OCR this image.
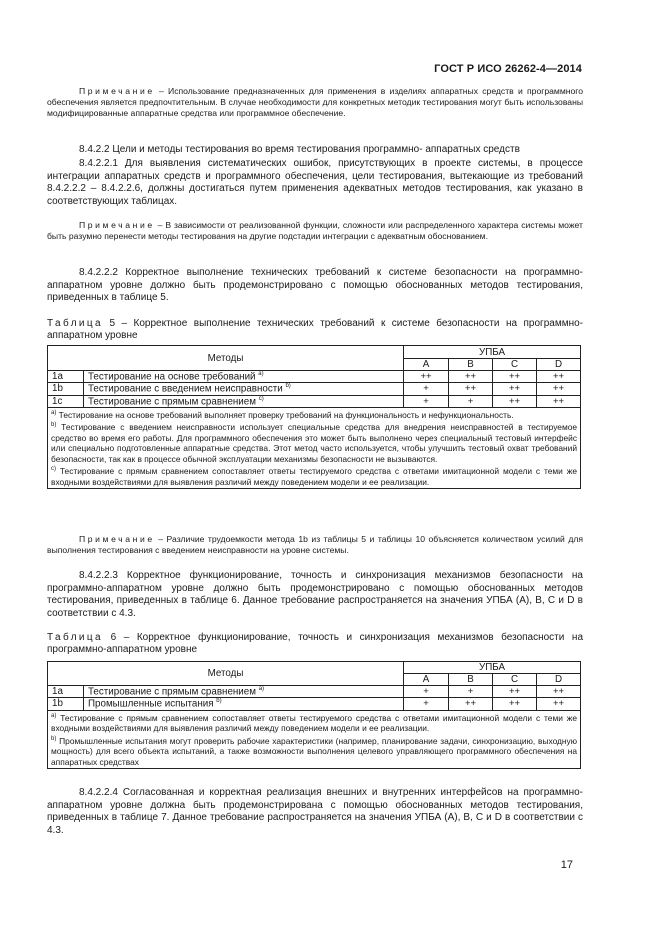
ГОСТ Р ИСО 26262-4—2014

Примечание – Использование предназначенных для применения в изделиях аппаратных средств и программного обеспечения является предпочтительным. В случае необходимости для конкретных методик тестирования могут быть использованы модифицированные аппаратные средства или программное обеспечение.

8.4.2.2 Цели и методы тестирования во время тестирования программно- аппаратных средств

8.4.2.2.1 Для выявления систематических ошибок, присутствующих в проекте системы, в процессе интеграции аппаратных средств и программного обеспечения, цели тестирования, вытекающие из требований 8.4.2.2.2 – 8.4.2.2.6, должны достигаться путем применения адекватных методов тестирования, как указано в соответствующих таблицах.

Примечание – В зависимости от реализованной функции, сложности или распределенного характера системы может быть разумно перенести методы тестирования на другие подстадии интеграции с адекватным обоснованием.

8.4.2.2.2 Корректное выполнение технических требований к системе безопасности на программно-аппаратном уровне должно быть продемонстрировано с помощью обоснованных методов тестирования, приведенных в таблице 5.

Таблица 5 – Корректное выполнение технических требований к системе безопасности на программно-аппаратном уровне

Методы		УПБА			
		A	B	C	D
1a	Тестирование на основе требований $^{a)}$	++	++	++	++
1b	Тестирование с введением неисправности $^{b)}$	+	++	++	++
1c	Тестирование с прямым сравнением $^{c)}$	+	+	++	++

$^{a)}$ Тестирование на основе требований выполняет проверку требований на функциональность и нефункциональность.

$^{b)}$ Тестирование с введением неисправности использует специальные средства для внедрения неисправностей в тестируемое средство во время его работы. Для программного обеспечения это может быть выполнено через специальный тестовый интерфейс или специально подготовленные аппаратные средства. Этот метод часто используется, чтобы улучшить тестовый охват требований безопасности, так как в процессе обычной эксплуатации механизмы безопасности не вызываются.

$^{c)}$ Тестирование с прямым сравнением сопоставляет ответы тестируемого средства с ответами имитационной модели с теми же входными воздействиями для выявления различий между поведением модели и ее реализации.					

Примечание – Различие трудоемкости метода 1b из таблицы 5 и таблицы 10 объясняется количеством усилий для выполнения тестирования с введением неисправности на уровне системы.

8.4.2.2.3 Корректное функционирование, точность и синхронизация механизмов безопасности на программно-аппаратном уровне должно быть продемонстрировано с помощью обоснованных методов тестирования, приведенных в таблице 6. Данное требование распространяется на значения УПБА (A), B, C и D в соответствии с 4.3.

Таблица 6 – Корректное функционирование, точность и синхронизация механизмов безопасности на программно-аппаратном уровне

Методы		УПБА			
		A	B	C	D
1a	Тестирование с прямым сравнением $^{a)}$	+	+	++	++
1b	Промышленные испытания $^{b)}$	+	++	++	++

$^{a)}$ Тестирование с прямым сравнением сопоставляет ответы тестируемого средства с ответами имитационной модели с теми же входными воздействиями для выявления различий между поведением модели и ее реализации.

$^{b)}$ Промышленные испытания могут проверить рабочие характеристики (например, планирование задачи, синхронизацию, выходную мощность) для всего объекта испытаний, а также возможности выполнения целевого управляющего программного обеспечения на аппаратных средствах					

8.4.2.2.4 Согласованная и корректная реализация внешних и внутренних интерфейсов на программно-аппаратном уровне должна быть продемонстрирована с помощью обоснованных методов тестирования, приведенных в таблице 7. Данное требование распространяется на значения УПБА (A), B, C и D в соответствии с 4.3.

17
